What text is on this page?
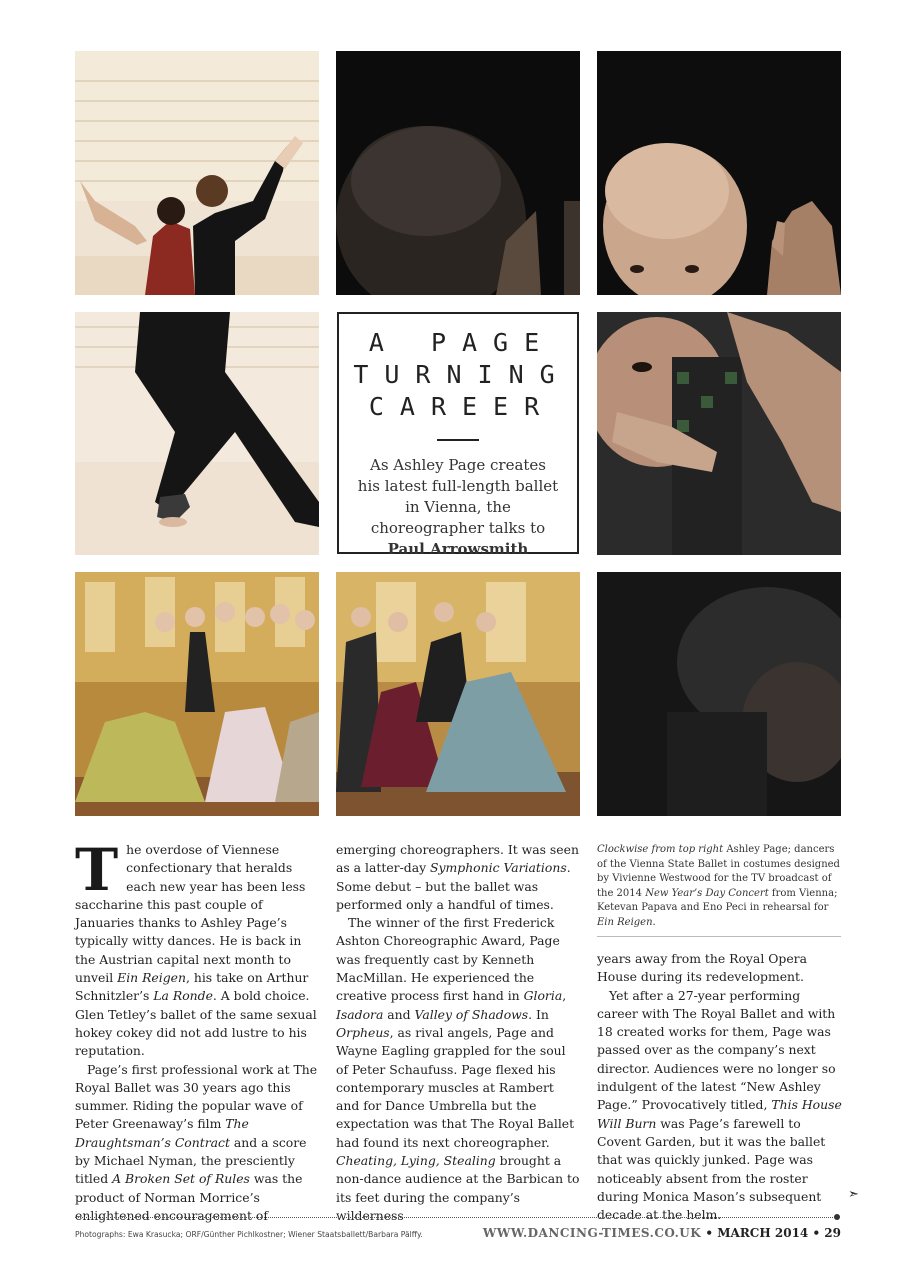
A PAGE
TURNING
CAREER
As Ashley Page creates his latest full-length ballet in Vienna, the choreographer talks to Paul Arrowsmith
Clockwise from top right Ashley Page; dancers of the Vienna State Ballet in costumes designed by Vivienne Westwood for the TV broadcast of the 2014 New Year’s Day Concert from Vienna; Ketevan Papava and Eno Peci in rehearsal for Ein Reigen.

The overdose of Viennese confectionary that heralds each new year has been less saccharine this past couple of Januaries thanks to Ashley Page’s typically witty dances. He is back in the Austrian capital next month to unveil Ein Reigen, his take on Arthur Schnitzler’s La Ronde. A bold choice. Glen Tetley’s ballet of the same sexual hokey cokey did not add lustre to his reputation.

Page’s first professional work at The Royal Ballet was 30 years ago this summer. Riding the popular wave of Peter Greenaway’s film The Draughtsman’s Contract and a score by Michael Nyman, the presciently titled A Broken Set of Rules was the product of Norman Morrice’s enlightened encouragement of

emerging choreographers. It was seen as a latter-day Symphonic Variations. Some debut – but the ballet was performed only a handful of times.

The winner of the first Frederick Ashton Choreographic Award, Page was frequently cast by Kenneth MacMillan. He experienced the creative process first hand in Gloria, Isadora and Valley of Shadows. In Orpheus, as rival angels, Page and Wayne Eagling grappled for the soul of Peter Schaufuss. Page flexed his contemporary muscles at Rambert and for Dance Umbrella but the expectation was that The Royal Ballet had found its next choreographer. Cheating, Lying, Stealing brought a non-dance audience at the Barbican to its feet during the company’s wilderness

years away from the Royal Opera House during its redevelopment.

Yet after a 27-year performing career with The Royal Ballet and with 18 created works for them, Page was passed over as the company’s next director. Audiences were no longer so indulgent of the latest “New Ashley Page.” Provocatively titled, This House Will Burn was Page’s farewell to Covent Garden, but it was the ballet that was quickly junked. Page was noticeably absent from the roster during Monica Mason’s subsequent decade at the helm.

➣
Photographs: Ewa Krasucka; ORF/Günther Pichlkostner; Wiener Staatsballett/Barbara Pälffy.	WWW.DANCING-TIMES.CO.UK • MARCH 2014 • 29
